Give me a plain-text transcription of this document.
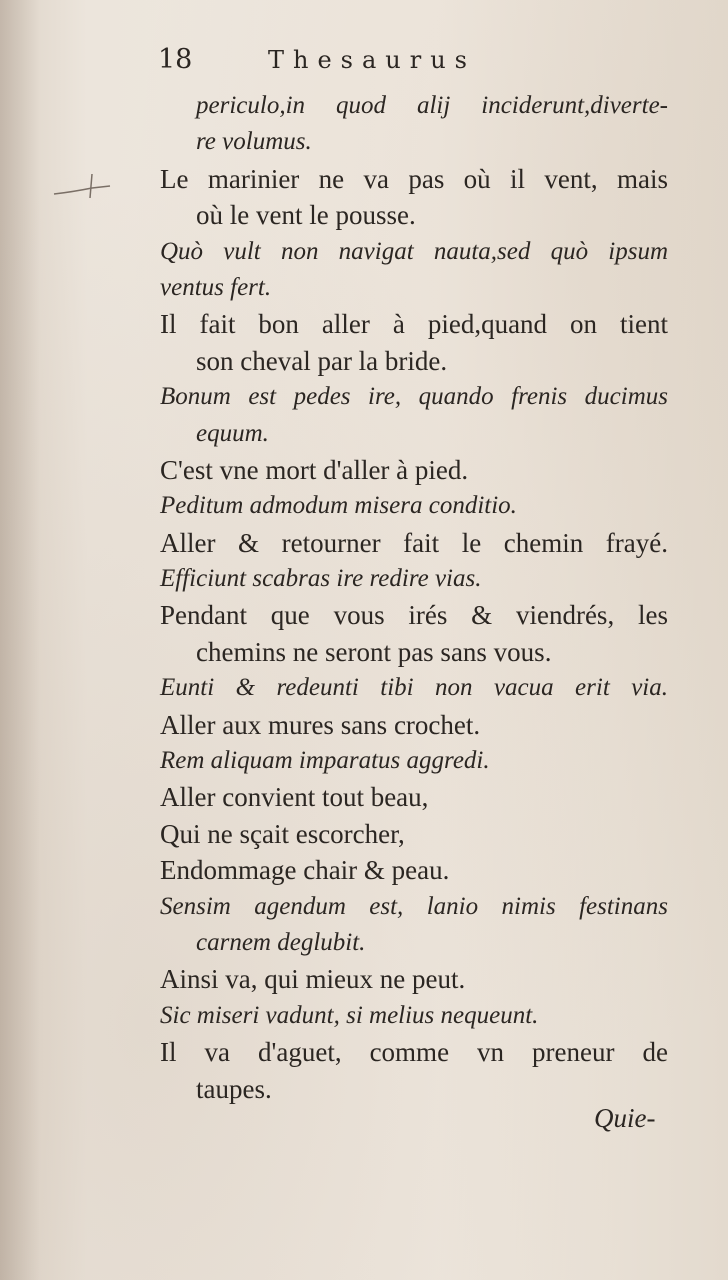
18	Thesaurus
periculo,in quod alij inciderunt,diverte-
re volumus.
Le marinier ne va pas où il vent, mais
où le vent le pousse.
Quò vult non navigat nauta,sed quò ipsum
ventus fert.
Il fait bon aller à pied,quand on tient
son cheval par la bride.
Bonum est pedes ire, quando frenis ducimus
equum.
C'est vne mort d'aller à pied.
Peditum admodum misera conditio.
Aller & retourner fait le chemin frayé.
Efficiunt scabras ire redire vias.
Pendant que vous irés & viendrés, les
chemins ne seront pas sans vous.
Eunti & redeunti tibi non vacua erit via.
Aller aux mures sans crochet.
Rem aliquam imparatus aggredi.
Aller convient tout beau,
Qui ne sçait escorcher,
Endommage chair & peau.
Sensim agendum est, lanio nimis festinans
carnem deglubit.
Ainsi va, qui mieux ne peut.
Sic miseri vadunt, si melius nequeunt.
Il va d'aguet, comme vn preneur de
taupes.
Quie-
